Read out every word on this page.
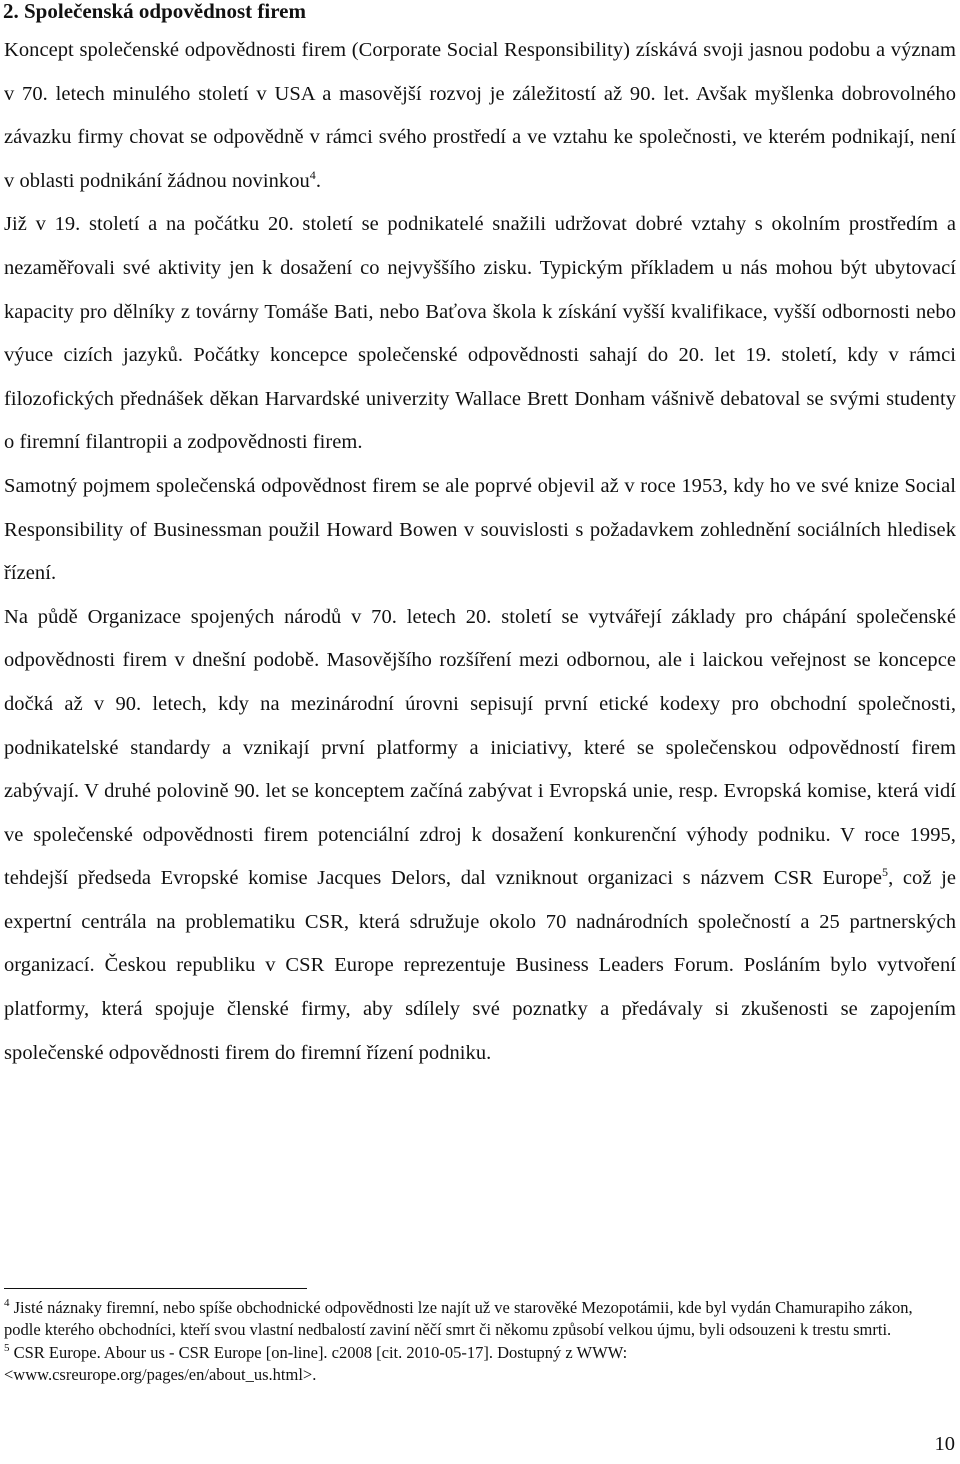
2. Společenská odpovědnost firem

Koncept společenské odpovědnosti firem (Corporate Social Responsibility) získává svoji jasnou podobu a význam v 70. letech minulého století v USA a masovější rozvoj je záležitostí až 90. let. Avšak myšlenka dobrovolného závazku firmy chovat se odpovědně v rámci svého prostředí a ve vztahu ke společnosti, ve kterém podnikají, není v oblasti podnikání žádnou novinkou$^4$.

Již v 19. století a na počátku 20. století se podnikatelé snažili udržovat dobré vztahy s okolním prostředím a nezaměřovali své aktivity jen k dosažení co nejvyššího zisku. Typickým příkladem u nás mohou být ubytovací kapacity pro dělníky z továrny Tomáše Bati, nebo Baťova škola k získání vyšší kvalifikace, vyšší odbornosti nebo výuce cizích jazyků. Počátky koncepce společenské odpovědnosti sahají do 20. let 19. století, kdy v rámci filozofických přednášek děkan Harvardské univerzity Wallace Brett Donham vášnivě debatoval se svými studenty o firemní filantropii a zodpovědnosti firem.

Samotný pojmem společenská odpovědnost firem se ale poprvé objevil až v roce 1953, kdy ho ve své knize Social Responsibility of Businessman použil Howard Bowen v souvislosti s požadavkem zohlednění sociálních hledisek řízení.

Na půdě Organizace spojených národů v 70. letech 20. století se vytvářejí základy pro chápání společenské odpovědnosti firem v dnešní podobě. Masovějšího rozšíření mezi odbornou, ale i laickou veřejnost se koncepce dočká až v 90. letech, kdy na mezinárodní úrovni sepisují první etické kodexy pro obchodní společnosti, podnikatelské standardy a vznikají první platformy a iniciativy, které se společenskou odpovědností firem zabývají. V druhé polovině 90. let se konceptem začíná zabývat i Evropská unie, resp. Evropská komise, která vidí ve společenské odpovědnosti firem potenciální zdroj k dosažení konkurenční výhody podniku. V roce 1995, tehdejší předseda Evropské komise Jacques Delors, dal vzniknout organizaci s názvem CSR Europe$^5$, což je expertní centrála na problematiku CSR, která sdružuje okolo 70 nadnárodních společností a 25 partnerských organizací. Českou republiku v CSR Europe reprezentuje Business Leaders Forum. Posláním bylo vytvoření platformy, která spojuje členské firmy, aby sdílely své poznatky a předávaly si zkušenosti se zapojením společenské odpovědnosti firem do firemní řízení podniku.

$^4$ Jisté náznaky firemní, nebo spíše obchodnické odpovědnosti lze najít už ve starověké Mezopotámii, kde byl vydán Chamurapiho zákon, podle kterého obchodníci, kteří svou vlastní nedbalostí zaviní něčí smrt či někomu způsobí velkou újmu, byli odsouzeni k trestu smrti.

$^5$ CSR Europe. Abour us - CSR Europe [on-line]. c2008 [cit. 2010-05-17]. Dostupný z WWW: <www.csreurope.org/pages/en/about_us.html>.

10
